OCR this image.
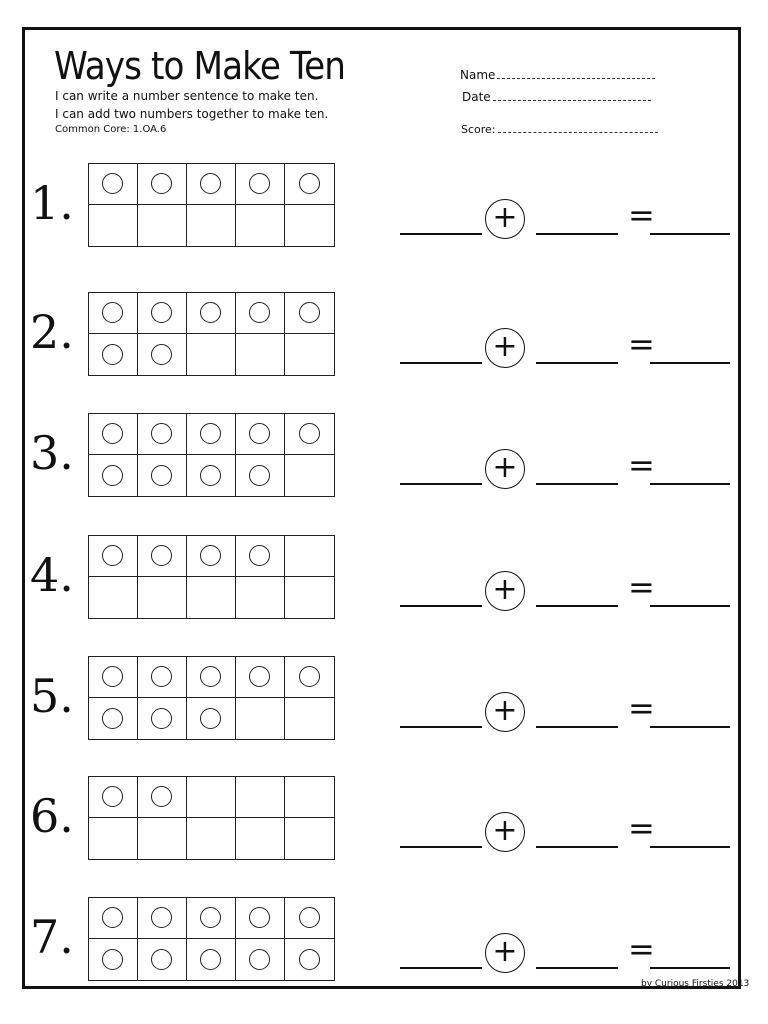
Ways to Make Ten
I can write a number sentence to make ten.
I can add two numbers together to make ten.
Common Core: 1.OA.6
Name
Date
Score:
1.	+	=
2.	+	=
3.	+	=
4.	+	=
5.	+	=
6.	+	=
7.	+	=
by Curious Firsties 2013
